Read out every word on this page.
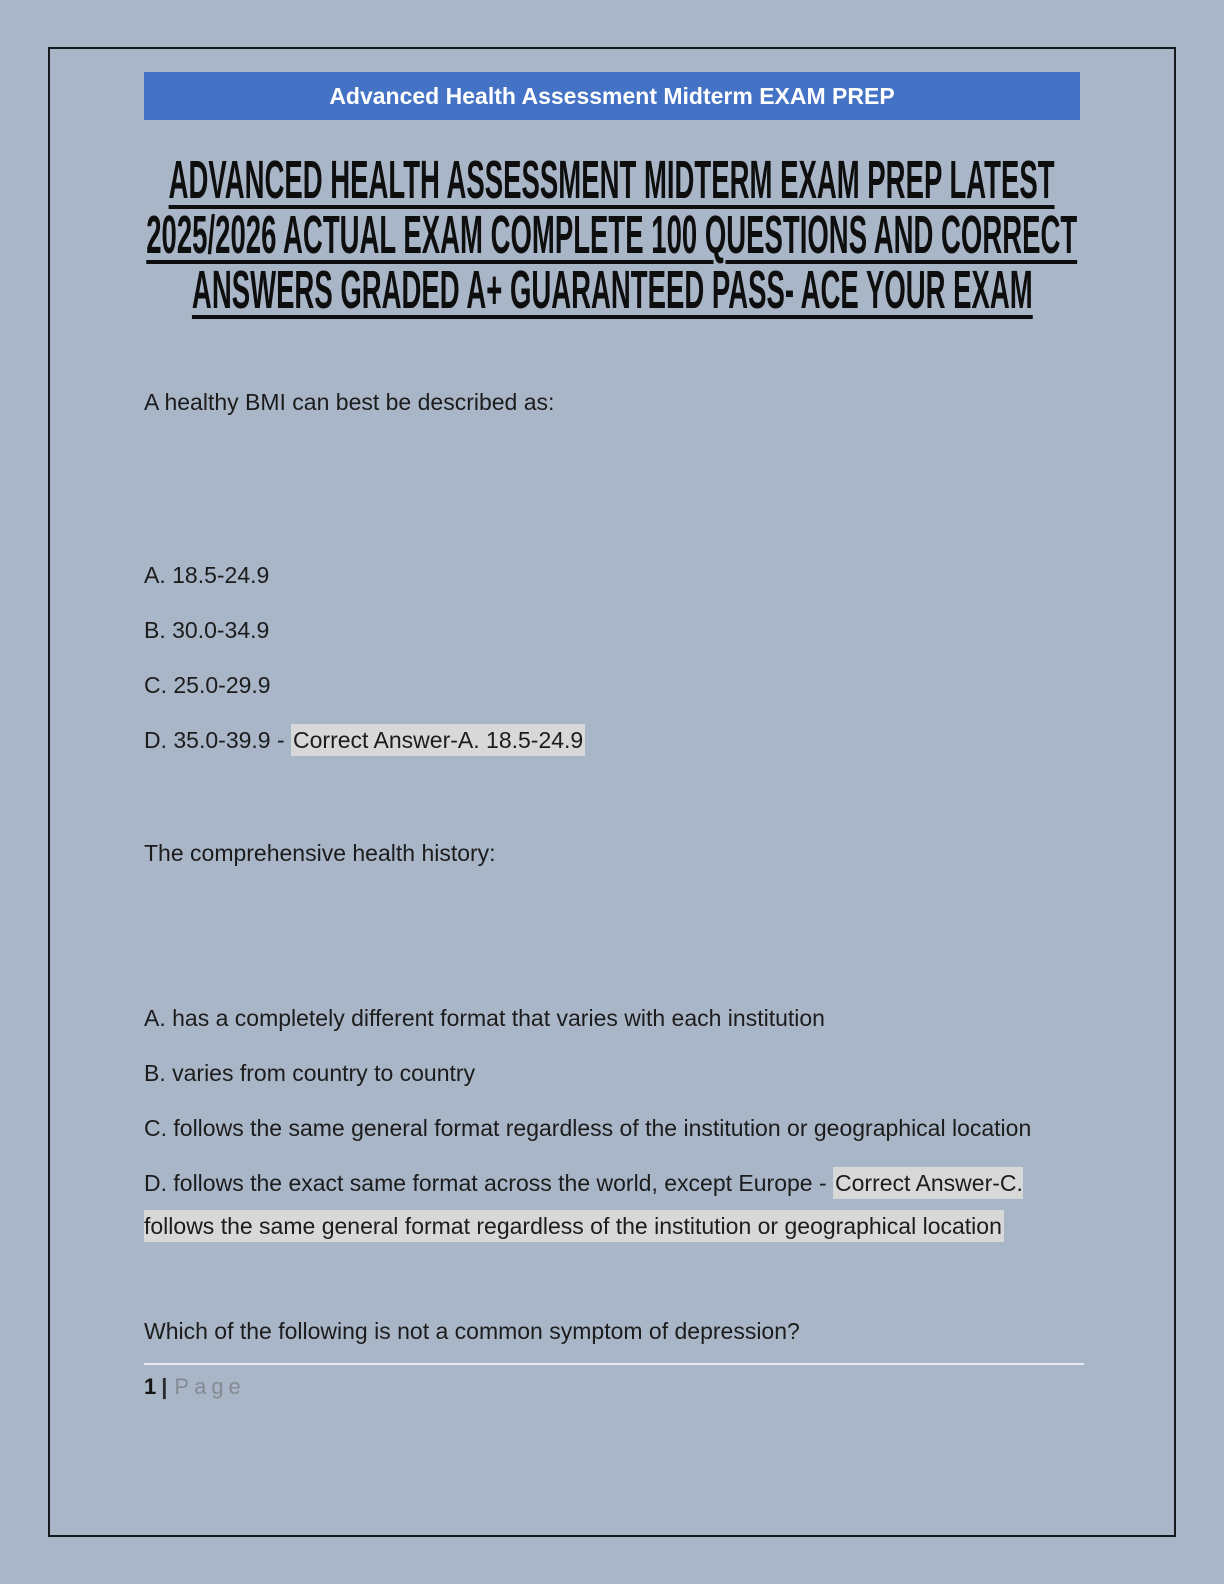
Advanced Health Assessment Midterm EXAM PREP
ADVANCED HEALTH ASSESSMENT MIDTERM EXAM PREP LATEST
2025/2026 ACTUAL EXAM COMPLETE 100 QUESTIONS AND CORRECT
ANSWERS GRADED A+ GUARANTEED PASS- ACE YOUR EXAM

A healthy BMI can best be described as:

A. 18.5-24.9

B. 30.0-34.9

C. 25.0-29.9

D. 35.0-39.9 - Correct Answer-A. 18.5-24.9

The comprehensive health history:

A. has a completely different format that varies with each institution

B. varies from country to country

C. follows the same general format regardless of the institution or geographical location

D. follows the exact same format across the world, except Europe - Correct Answer-C. follows the same general format regardless of the institution or geographical location

Which of the following is not a common symptom of depression?

1 | Page
